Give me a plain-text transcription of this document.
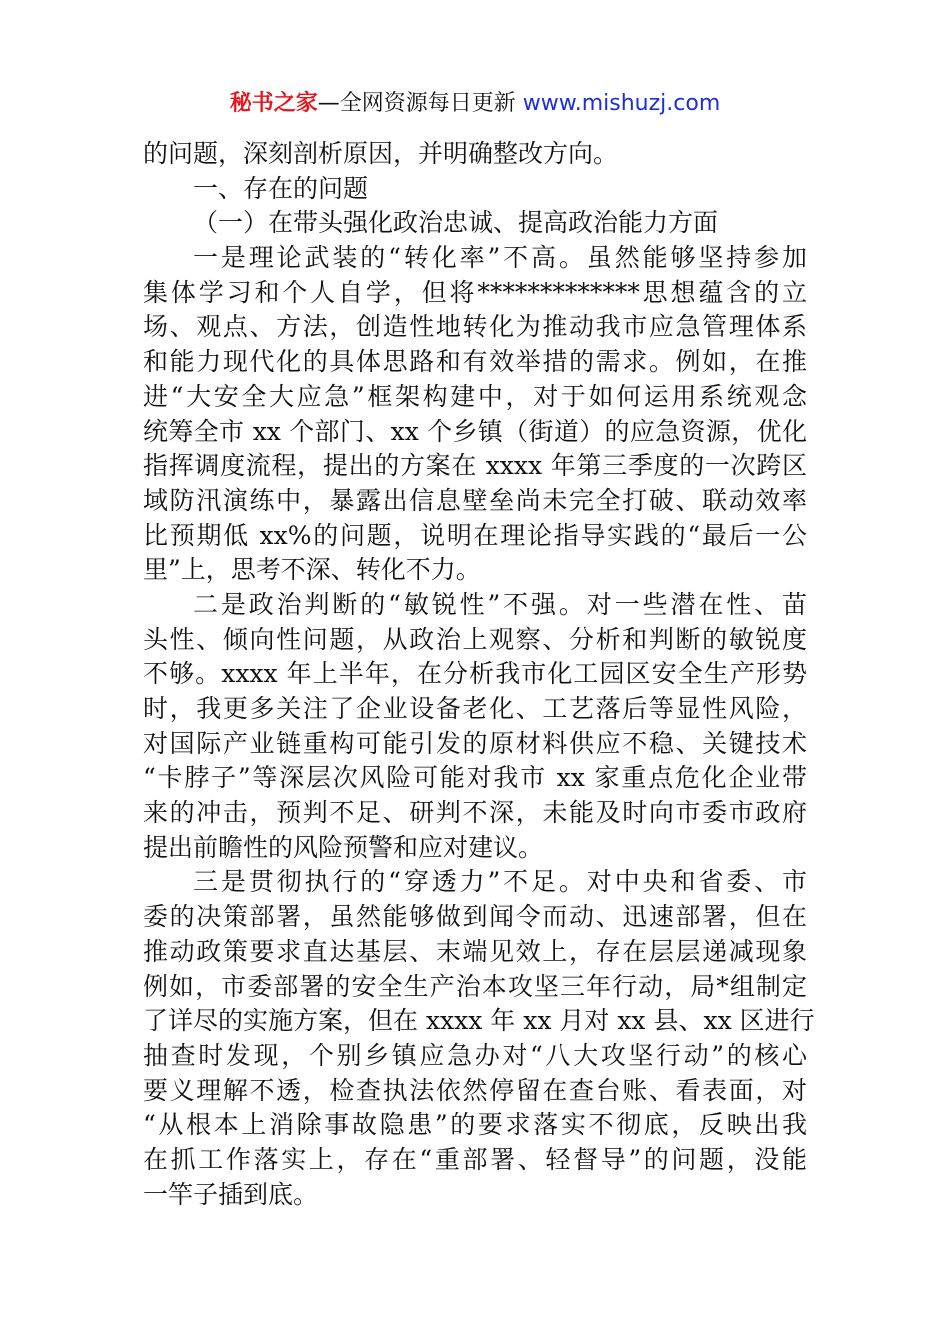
秘书之家—全网资源每日更新 www.mishuzj.com
的问题，深刻剖析原因，并明确整改方向。
一、存在的问题
（一）在带头强化政治忠诚、提高政治能力方面
一是理论武装的“转化率”不高。虽然能够坚持参加
集体学习和个人自学，但将*************思想蕴含的立
场、观点、方法，创造性地转化为推动我市应急管理体系
和能力现代化的具体思路和有效举措的需求。例如，在推
进“大安全大应急”框架构建中，对于如何运用系统观念
统筹全市 xx 个部门、xx 个乡镇（街道）的应急资源，优化
指挥调度流程，提出的方案在 xxxx 年第三季度的一次跨区
域防汛演练中，暴露出信息壁垒尚未完全打破、联动效率
比预期低 xx%的问题，说明在理论指导实践的“最后一公
里”上，思考不深、转化不力。
二是政治判断的“敏锐性”不强。对一些潜在性、苗
头性、倾向性问题，从政治上观察、分析和判断的敏锐度
不够。xxxx 年上半年，在分析我市化工园区安全生产形势
时，我更多关注了企业设备老化、工艺落后等显性风险，
对国际产业链重构可能引发的原材料供应不稳、关键技术
“卡脖子”等深层次风险可能对我市 xx 家重点危化企业带
来的冲击，预判不足、研判不深，未能及时向市委市政府
提出前瞻性的风险预警和应对建议。
三是贯彻执行的“穿透力”不足。对中央和省委、市
委的决策部署，虽然能够做到闻令而动、迅速部署，但在
推动政策要求直达基层、末端见效上，存在层层递减现象
例如，市委部署的安全生产治本攻坚三年行动，局*组制定
了详尽的实施方案，但在 xxxx 年 xx 月对 xx 县、xx 区进行
抽查时发现，个别乡镇应急办对“八大攻坚行动”的核心
要义理解不透，检查执法依然停留在查台账、看表面，对
“从根本上消除事故隐患”的要求落实不彻底，反映出我
在抓工作落实上，存在“重部署、轻督导”的问题，没能
一竿子插到底。
